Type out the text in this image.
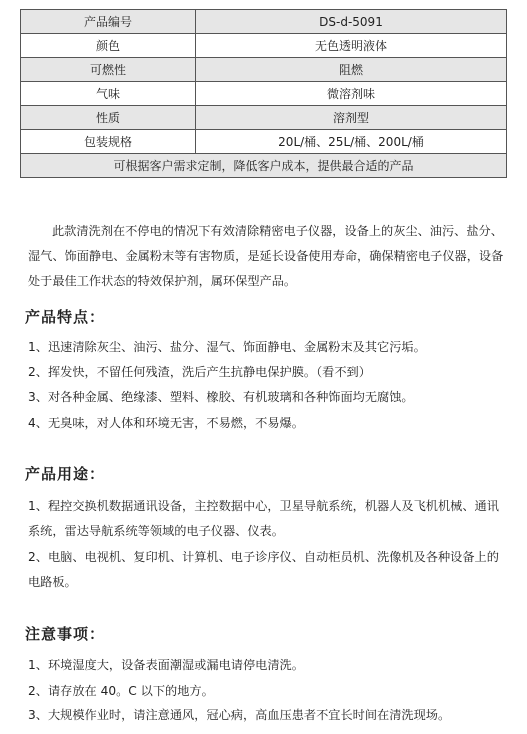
产品编号	DS-d-5091
颜色	无色透明液体
可燃性	阻燃
气味	微溶剂味
性质	溶剂型
包装规格	20L/桶、25L/桶、200L/桶
可根据客户需求定制，降低客户成本，提供最合适的产品	

此款清洗剂在不停电的情况下有效清除精密电子仪器，设备上的灰尘、油污、盐分、湿气、饰面静电、金属粉末等有害物质，是延长设备使用寿命，确保精密电子仪器，设备处于最佳工作状态的特效保护剂，属环保型产品。

产品特点：

1、迅速清除灰尘、油污、盐分、湿气、饰面静电、金属粉末及其它污垢。

2、挥发快，不留任何残渣，洗后产生抗静电保护膜。（看不到）

3、对各种金属、绝缘漆、塑料、橡胶、有机玻璃和各种饰面均无腐蚀。

4、无臭味，对人体和环境无害，不易燃，不易爆。

产品用途：

1、程控交换机数据通讯设备，主控数据中心，卫星导航系统，机器人及飞机机械、通讯系统，雷达导航系统等领域的电子仪器、仪表。

2、电脑、电视机、复印机、计算机、电子诊序仪、自动柜员机、洗像机及各种设备上的电路板。

注意事项：

1、环境湿度大，设备表面潮湿或漏电请停电清洗。

2、请存放在 40。C 以下的地方。

3、大规模作业时，请注意通风，冠心病，高血压患者不宜长时间在清洗现场。
